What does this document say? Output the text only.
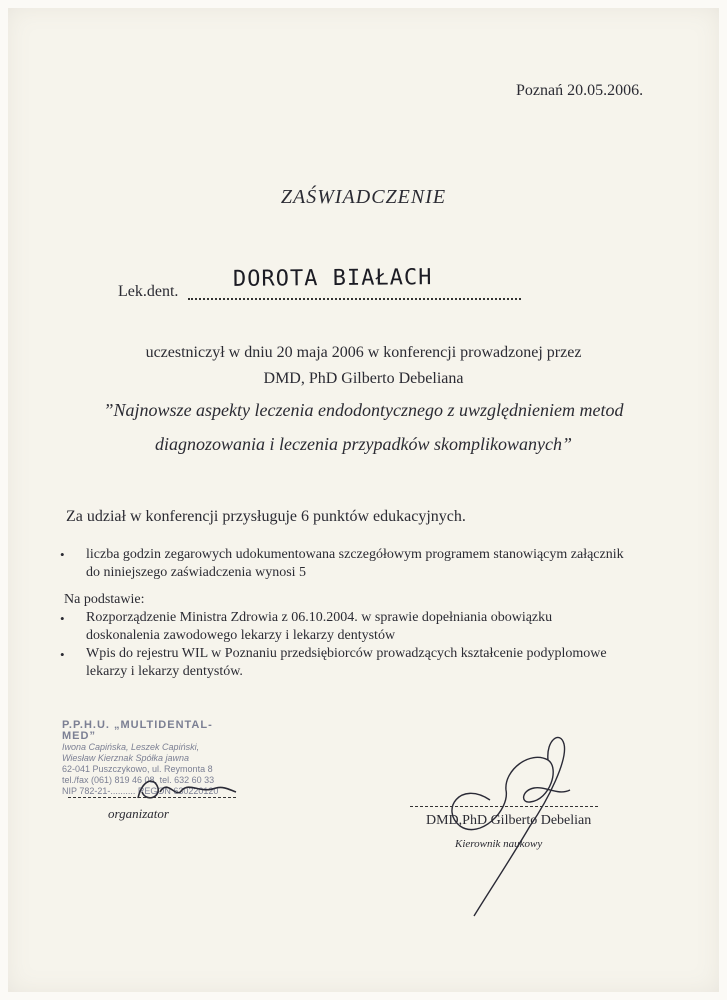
Poznań 20.05.2006.
ZAŚWIADCZENIE
Lek.dent. DOROTA BIAŁACH
uczestniczył w dniu 20 maja 2006 w konferencji prowadzonej przez
DMD, PhD Gilberto Debeliana
”Najnowsze aspekty leczenia endodontycznego z uwzględnieniem metod
diagnozowania i leczenia przypadków skomplikowanych”
Za udział w konferencji przysługuje 6 punktów edukacyjnych.
• liczba godzin zegarowych udokumentowana szczegółowym programem stanowiącym załącznik
do niniejszego zaświadczenia wynosi 5
Na podstawie:
• Rozporządzenie Ministra Zdrowia z 06.10.2004. w sprawie dopełniania obowiązku
doskonalenia zawodowego lekarzy i lekarzy dentystów
• Wpis do rejestru WIL w Poznaniu przedsiębiorców prowadzących kształcenie podyplomowe
lekarzy i lekarzy dentystów.
P.P.H.U. „MULTIDENTAL-MED”
Iwona Capińska, Leszek Capiński,
Wiesław Kierznak Spółka jawna
62-041 Puszczykowo, ul. Reymonta 8
tel./fax (061) 819 46 08, tel. 632 60 33
NIP 782-21-.......... REGON 630220120
organizator	DMD,PhD Gilberto Debelian
Kierownik naukowy
